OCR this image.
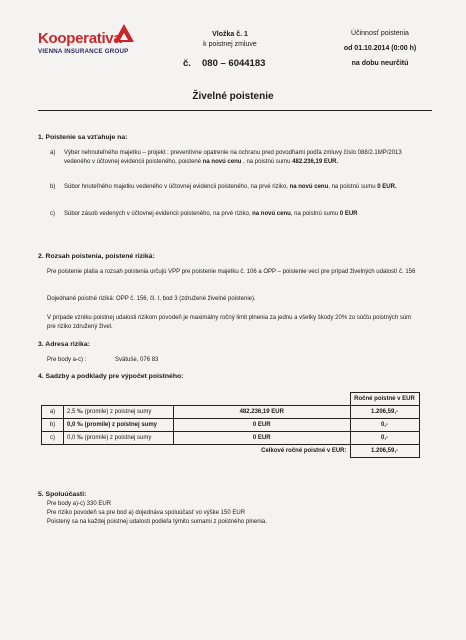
Kooperativa
VIENNA INSURANCE GROUP
Vložka č. 1
k poistnej zmluve
č. 080 – 6044183
Účinnosť poistenia
od 01.10.2014 (0:00 h)
na dobu neurčitú
Živelné poistenie
1. Poistenie sa vzťahuje na:
a) Výber nehnuteľného majetku – projekt : preventívne opatrenie na ochranu pred povodňami podľa zmluvy číslo 088/2.1MP/2013 vedeného v účtovnej evidencii poisteného, poistené na novú cenu , na poistnú sumu 482.236,19 EUR.
b) Súbor hnuteľného majetku vedeného v účtovnej evidencii poisteného, na prvé riziko, na novú cenu, na poistnú sumu 0 EUR.
c) Súbor zásob vedených v účtovnej evidencii poisteného, na prvé riziko, na novú cenu, na poistnú sumu 0 EUR
2. Rozsah poistenia, poistené riziká:
Pre poistenie platia a rozsah poistenia určujú VPP pre poistenie majetku č. 106 a OPP – poistenie vecí pre prípad živelných udalostí č. 156
Dojednané poistné riziká: OPP č. 156, čl. I, bod 3 (združené živelné poistenie).
V prípade vzniku poistnej udalosti rizikom povodeň je maximálny ročný limit plnenia za jednu a všetky škody 20% zo súčtu poistných súm pre riziko združený živel.
3. Adresa rizika:
Pre body a-c) :	Svätuše, 076 83
4. Sadzby a podklady pre výpočet poistného:
			Ročné poistné v EUR
a)	2,5 ‰ (promile) z poistnej sumy	482.236,19 EUR	1.206,59,-
b)	0,0 ‰ (promile) z poistnej sumy	0 EUR	0,-
c)	0,0 ‰ (promile) z poistnej sumy	0 EUR	0,-
		Celkové ročné poistné v EUR:	1.206,59,-
5. Spoluúčasti:
Pre body a)-c) 330 EUR
Pre riziko povodeň sa pre bod a) dojednáva spoluúčasť vo výške 150 EUR
Poistený sa na každej poistnej udalosti podieľa týmito sumami z poistného plnenia.
